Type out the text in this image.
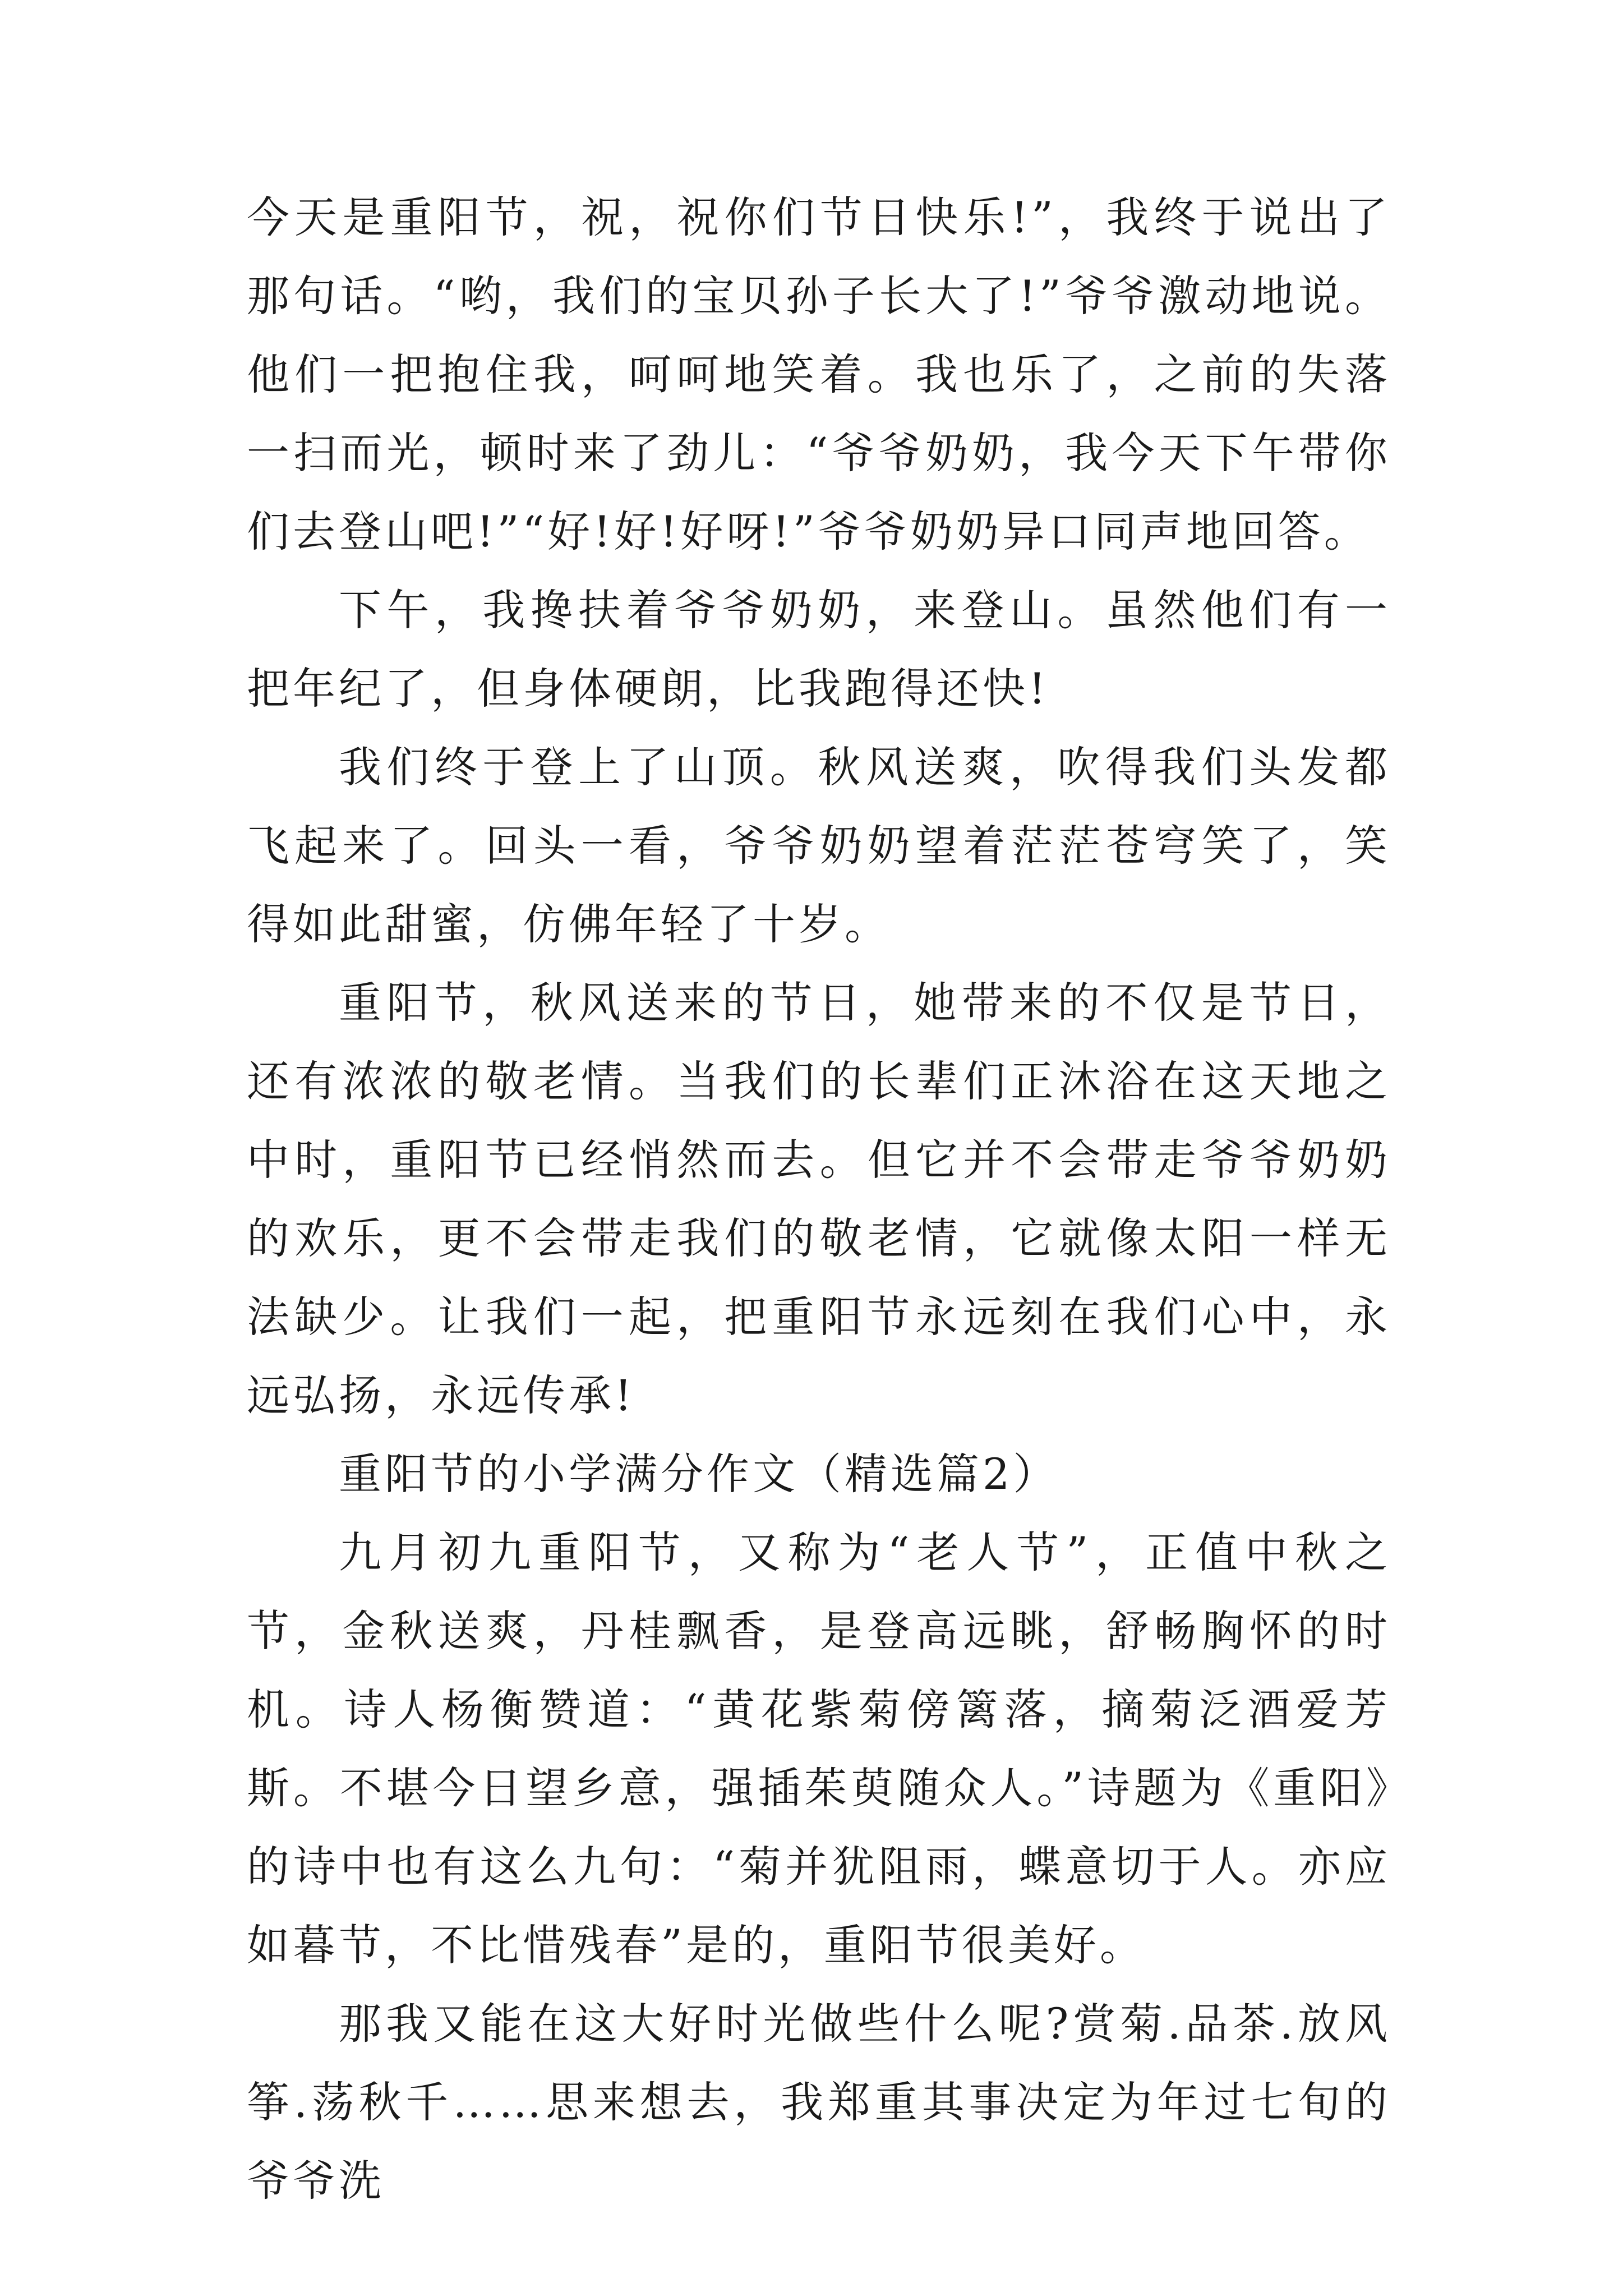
今天是重阳节，祝，祝你们节日快乐!”，我终于说出了那句话。“哟，我们的宝贝孙子长大了!”爷爷激动地说。他们一把抱住我，呵呵地笑着。我也乐了，之前的失落一扫而光，顿时来了劲儿：“爷爷奶奶，我今天下午带你们去登山吧!”“好!好!好呀!”爷爷奶奶异口同声地回答。

下午，我搀扶着爷爷奶奶，来登山。虽然他们有一把年纪了，但身体硬朗，比我跑得还快!

我们终于登上了山顶。秋风送爽，吹得我们头发都飞起来了。回头一看，爷爷奶奶望着茫茫苍穹笑了，笑得如此甜蜜，仿佛年轻了十岁。

重阳节，秋风送来的节日，她带来的不仅是节日，还有浓浓的敬老情。当我们的长辈们正沐浴在这天地之中时，重阳节已经悄然而去。但它并不会带走爷爷奶奶的欢乐，更不会带走我们的敬老情，它就像太阳一样无法缺少。让我们一起，把重阳节永远刻在我们心中，永远弘扬，永远传承!

重阳节的小学满分作文（精选篇2）

九月初九重阳节，又称为“老人节”，正值中秋之节，金秋送爽，丹桂飘香，是登高远眺，舒畅胸怀的时机。诗人杨衡赞道：“黄花紫菊傍篱落，摘菊泛酒爱芳斯。不堪今日望乡意，强插茱萸随众人。”诗题为《重阳》的诗中也有这么九句：“菊并犹阻雨，蝶意切于人。亦应如暮节，不比惜残春”是的，重阳节很美好。

那我又能在这大好时光做些什么呢?赏菊.品茶.放风筝.荡秋千……思来想去，我郑重其事决定为年过七旬的爷爷洗
